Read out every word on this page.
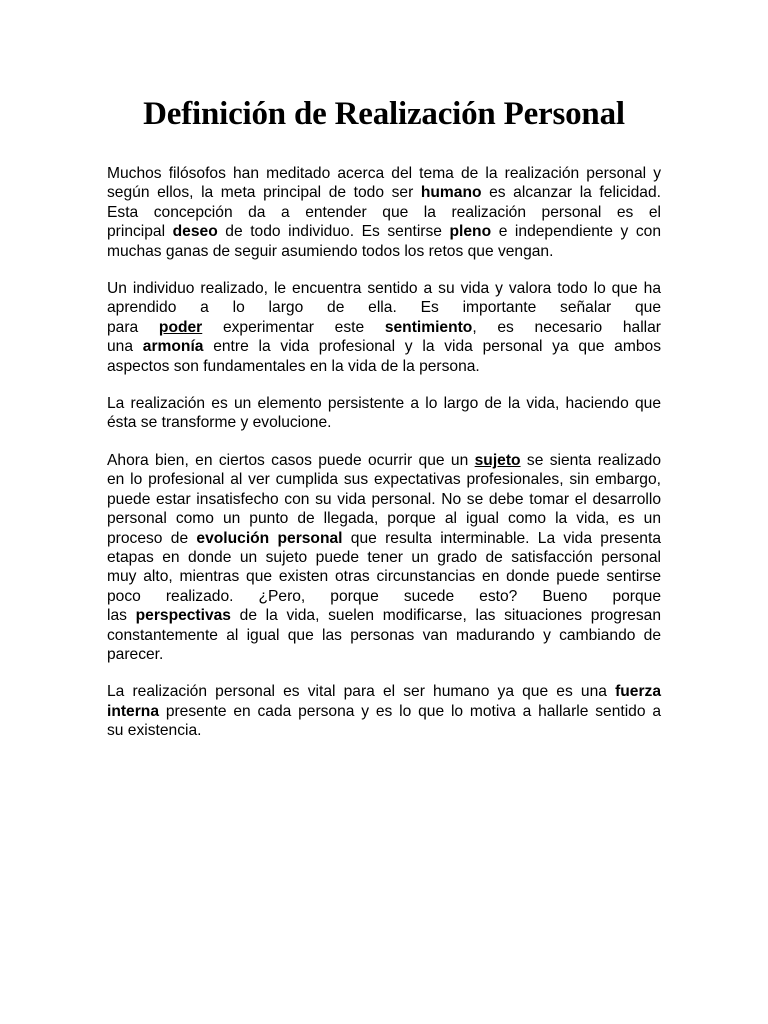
Definición de Realización Personal
Muchos filósofos han meditado acerca del tema de la realización personal y
según ellos, la meta principal de todo ser humano es alcanzar la felicidad.
Esta concepción da a entender que la realización personal es el
principal deseo de todo individuo. Es sentirse pleno e independiente y con
muchas ganas de seguir asumiendo todos los retos que vengan.
Un individuo realizado, le encuentra sentido a su vida y valora todo lo que ha
aprendido a lo largo de ella. Es importante señalar que
para poder experimentar este sentimiento, es necesario hallar
una armonía entre la vida profesional y la vida personal ya que ambos
aspectos son fundamentales en la vida de la persona.
La realización es un elemento persistente a lo largo de la vida, haciendo que
ésta se transforme y evolucione.
Ahora bien, en ciertos casos puede ocurrir que un sujeto se sienta realizado
en lo profesional al ver cumplida sus expectativas profesionales, sin embargo,
puede estar insatisfecho con su vida personal. No se debe tomar el desarrollo
personal como un punto de llegada, porque al igual como la vida, es un
proceso de evolución personal que resulta interminable. La vida presenta
etapas en donde un sujeto puede tener un grado de satisfacción personal
muy alto, mientras que existen otras circunstancias en donde puede sentirse
poco realizado. ¿Pero, porque sucede esto? Bueno porque
las perspectivas de la vida, suelen modificarse, las situaciones progresan
constantemente al igual que las personas van madurando y cambiando de
parecer.
La realización personal es vital para el ser humano ya que es una fuerza
interna presente en cada persona y es lo que lo motiva a hallarle sentido a
su existencia.
